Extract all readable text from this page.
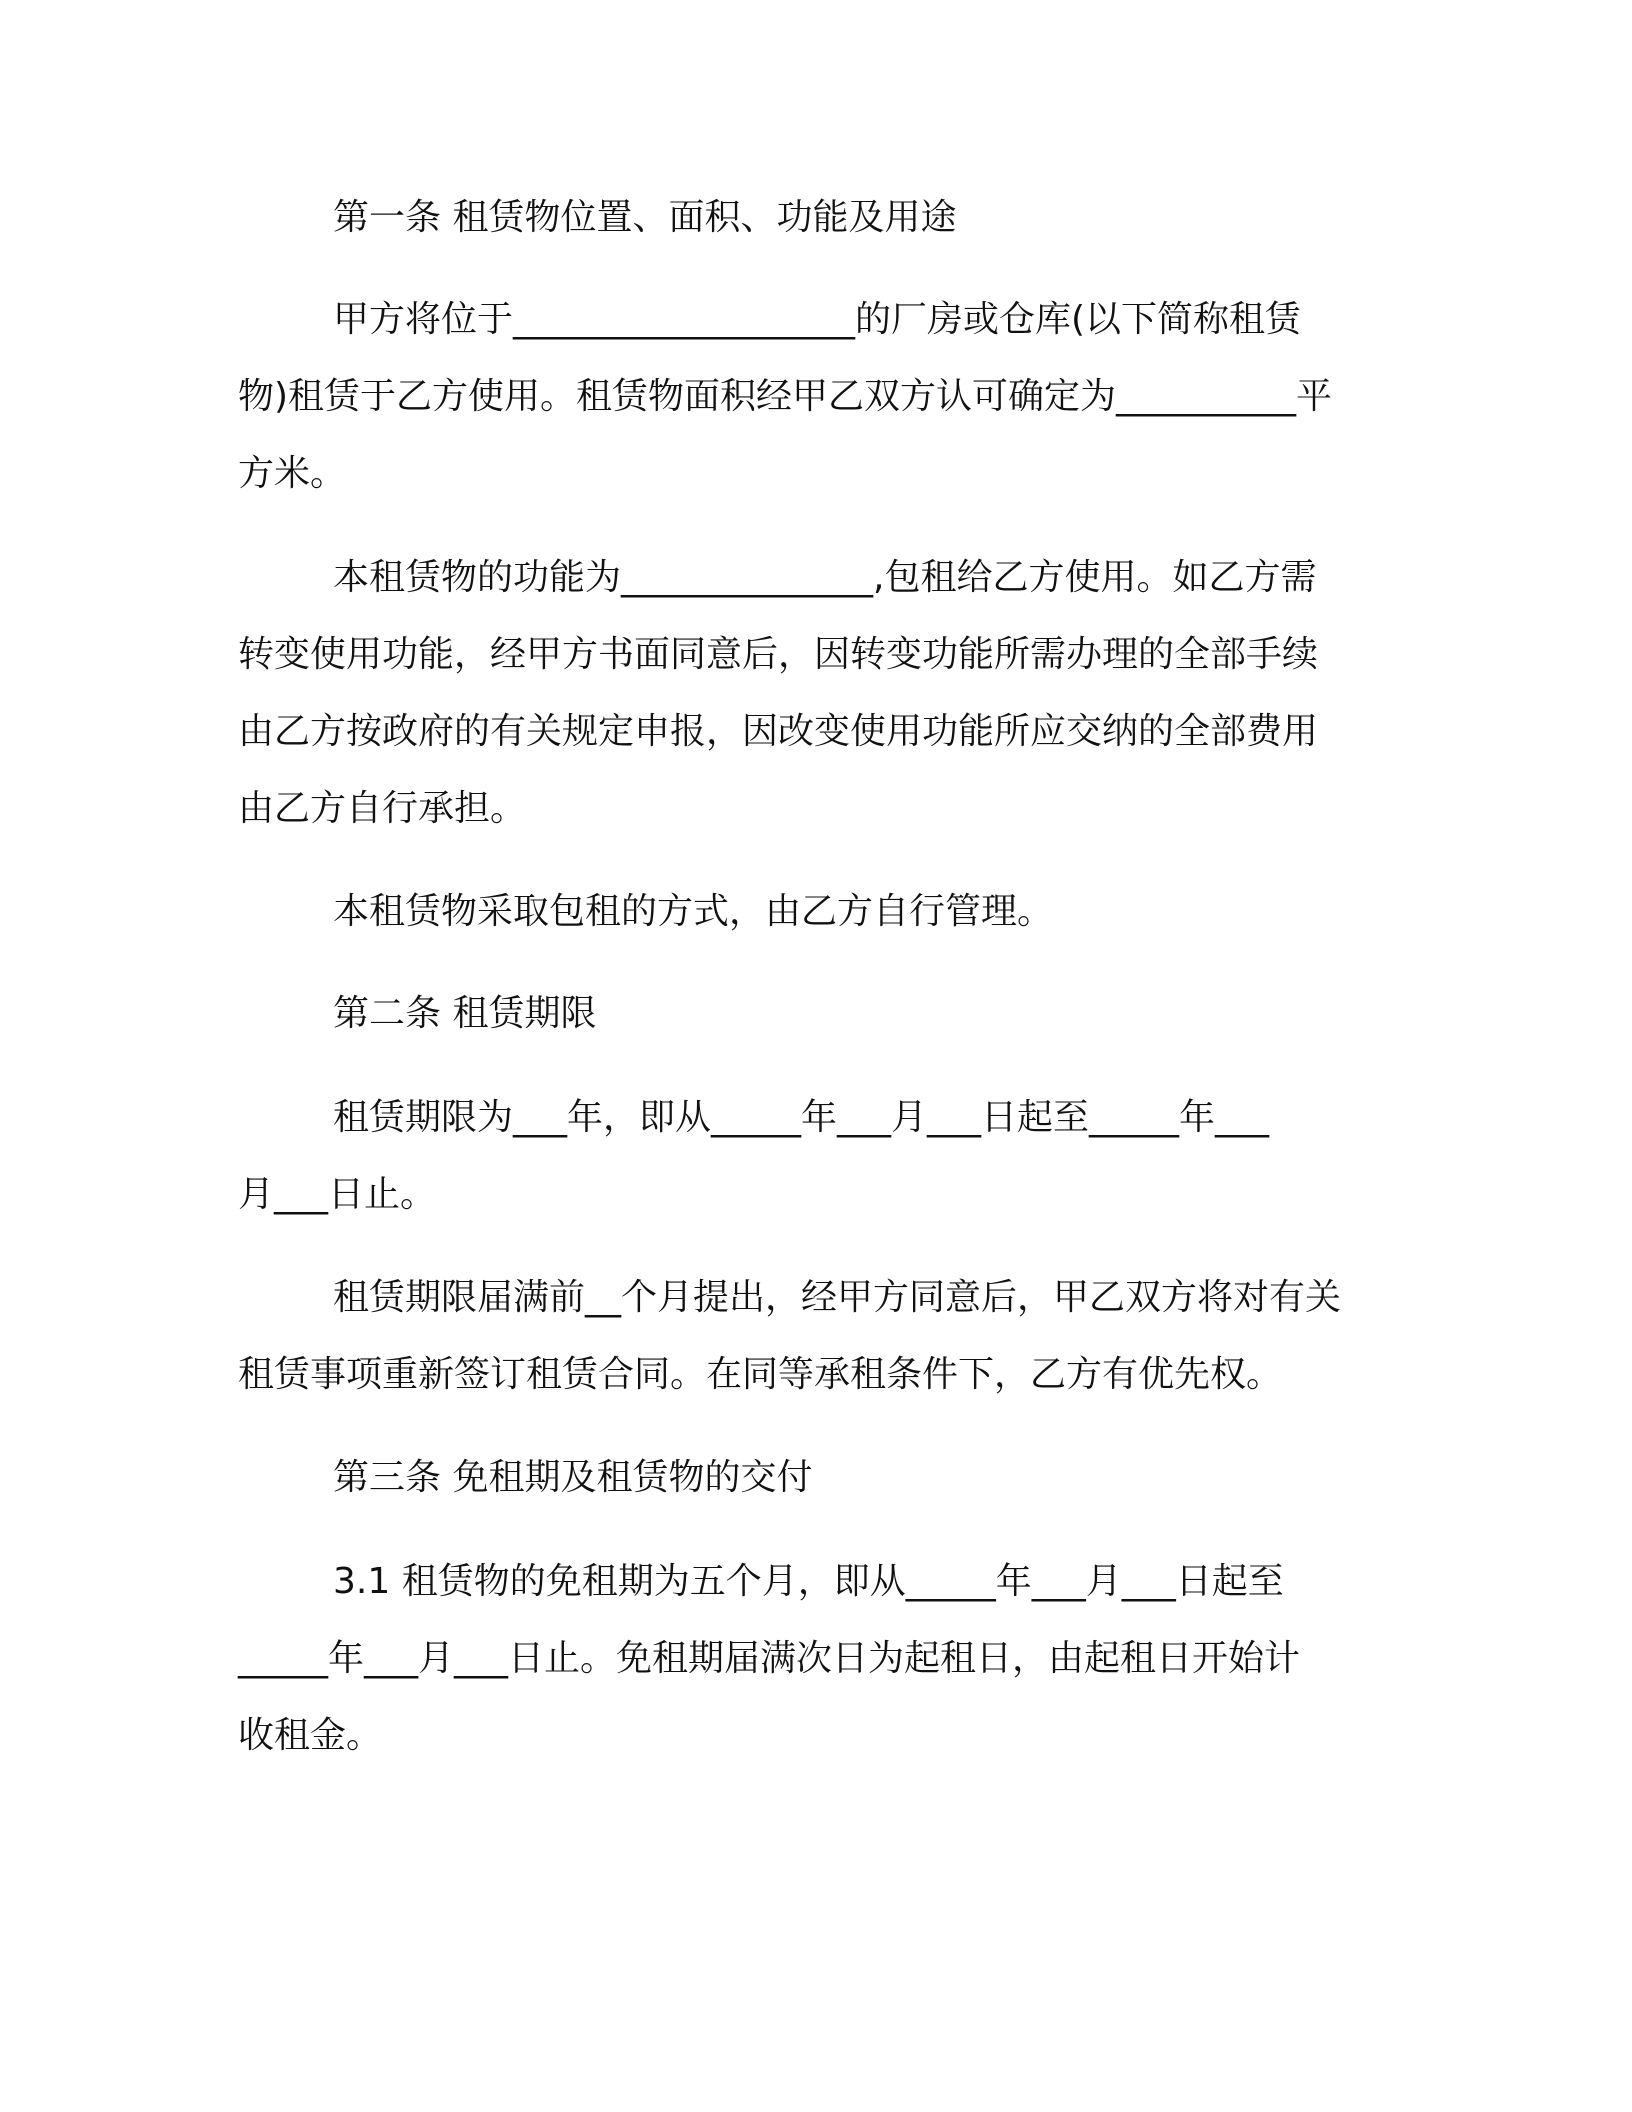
第一条 租赁物位置、面积、功能及用途
甲方将位于___________________的厂房或仓库(以下简称租赁
物)租赁于乙方使用。租赁物面积经甲乙双方认可确定为__________平
方米。
本租赁物的功能为______________,包租给乙方使用。如乙方需
转变使用功能，经甲方书面同意后，因转变功能所需办理的全部手续
由乙方按政府的有关规定申报，因改变使用功能所应交纳的全部费用
由乙方自行承担。
本租赁物采取包租的方式，由乙方自行管理。
第二条 租赁期限
租赁期限为___年，即从_____年___月___日起至_____年___
月___日止。
租赁期限届满前__个月提出，经甲方同意后，甲乙双方将对有关
租赁事项重新签订租赁合同。在同等承租条件下，乙方有优先权。
第三条 免租期及租赁物的交付
3.1 租赁物的免租期为五个月，即从_____年___月___日起至
_____年___月___日止。免租期届满次日为起租日，由起租日开始计
收租金。
